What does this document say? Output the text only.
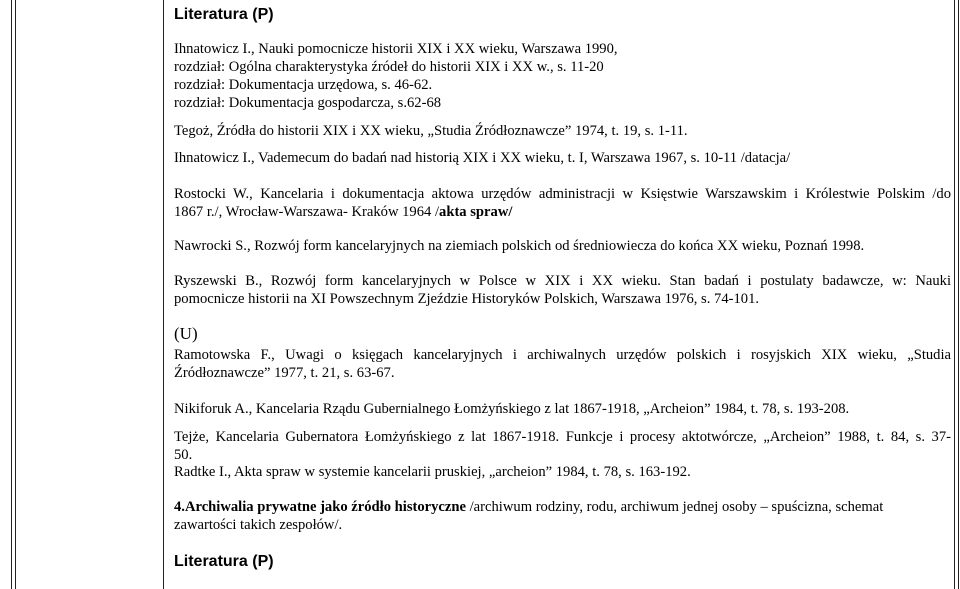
Literatura (P)
Ihnatowicz I., Nauki pomocnicze historii XIX i XX wieku, Warszawa 1990,
rozdział: Ogólna charakterystyka źródeł do historii XIX i XX w., s. 11-20
rozdział: Dokumentacja urzędowa, s. 46-62.
rozdział: Dokumentacja gospodarcza, s.62-68
Tegoż, Źródła do historii XIX i XX wieku, „Studia Źródłoznawcze” 1974, t. 19, s. 1-11.
Ihnatowicz I., Vademecum do badań nad historią XIX i XX wieku, t. I, Warszawa 1967, s. 10-11 /datacja/
Rostocki W., Kancelaria i dokumentacja aktowa urzędów administracji w Księstwie Warszawskim i Królestwie Polskim /do
1867 r./, Wrocław-Warszawa- Kraków 1964 /akta spraw/
Nawrocki S., Rozwój form kancelaryjnych na ziemiach polskich od średniowiecza do końca XX wieku, Poznań 1998.
Ryszewski B., Rozwój form kancelaryjnych w Polsce w XIX i XX wieku. Stan badań i postulaty badawcze, w: Nauki
pomocnicze historii na XI Powszechnym Zjeździe Historyków Polskich, Warszawa 1976, s. 74-101.
(U)
Ramotowska F., Uwagi o księgach kancelaryjnych i archiwalnych urzędów polskich i rosyjskich XIX wieku, „Studia
Źródłoznawcze” 1977, t. 21, s. 63-67.
Nikiforuk A., Kancelaria Rządu Gubernialnego Łomżyńskiego z lat 1867-1918, „Archeion” 1984, t. 78, s. 193-208.
Tejże, Kancelaria Gubernatora Łomżyńskiego z lat 1867-1918. Funkcje i procesy aktotwórcze, „Archeion” 1988, t. 84, s. 37-
50.
Radtke I., Akta spraw w systemie kancelarii pruskiej, „archeion” 1984, t. 78, s. 163-192.
4.Archiwalia prywatne jako źródło historyczne /archiwum rodziny, rodu, archiwum jednej osoby – spuścizna, schemat
zawartości takich zespołów/.
Literatura (P)
